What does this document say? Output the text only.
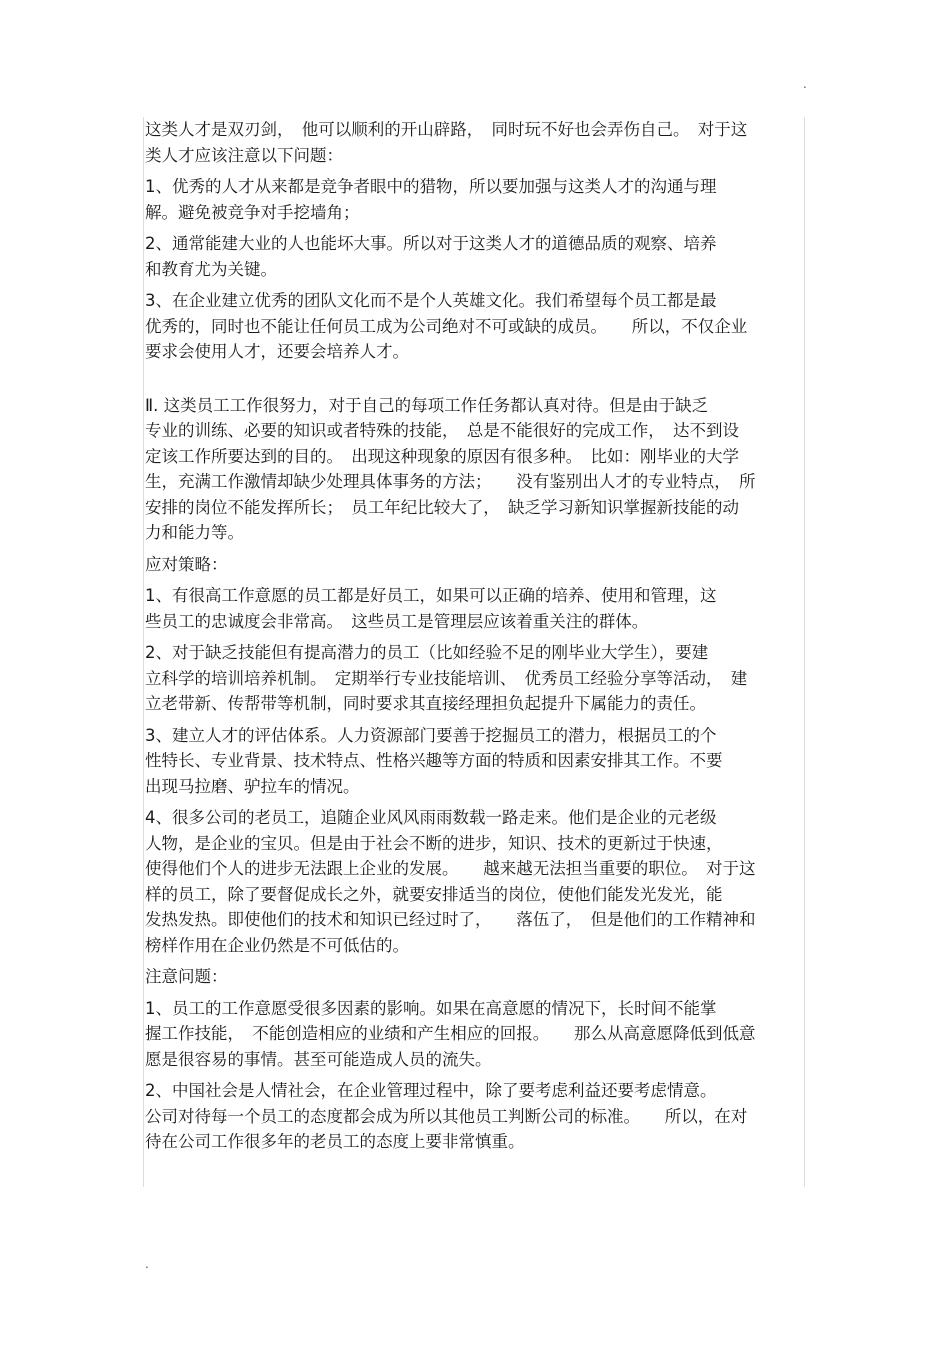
.

这类人才是双刃剑，　他可以顺利的开山辟路，　同时玩不好也会弄伤自己。　对于这
类人才应该注意以下问题：

1、优秀的人才从来都是竞争者眼中的猎物，所以要加强与这类人才的沟通与理
解。避免被竞争对手挖墙角；

2、通常能建大业的人也能坏大事。所以对于这类人才的道德品质的观察、培养
和教育尤为关键。

3、在企业建立优秀的团队文化而不是个人英雄文化。我们希望每个员工都是最
优秀的，同时也不能让任何员工成为公司绝对不可或缺的成员。　　所以，不仅企业
要求会使用人才，还要会培养人才。

Ⅱ. 这类员工工作很努力，对于自己的每项工作任务都认真对待。但是由于缺乏
专业的训练、必要的知识或者特殊的技能，　总是不能很好的完成工作，　达不到设
定该工作所要达到的目的。　出现这种现象的原因有很多种。　比如：刚毕业的大学
生，充满工作激情却缺少处理具体事务的方法；　　没有鉴别出人才的专业特点，　所
安排的岗位不能发挥所长；　员工年纪比较大了，　缺乏学习新知识掌握新技能的动
力和能力等。

应对策略：

1、有很高工作意愿的员工都是好员工，如果可以正确的培养、使用和管理，这
些员工的忠诚度会非常高。　这些员工是管理层应该着重关注的群体。

2、对于缺乏技能但有提高潜力的员工（比如经验不足的刚毕业大学生），要建
立科学的培训培养机制。　定期举行专业技能培训、　优秀员工经验分享等活动，　建
立老带新、传帮带等机制，同时要求其直接经理担负起提升下属能力的责任。

3、建立人才的评估体系。人力资源部门要善于挖掘员工的潜力，根据员工的个
性特长、专业背景、技术特点、性格兴趣等方面的特质和因素安排其工作。不要
出现马拉磨、驴拉车的情况。

4、很多公司的老员工，追随企业风风雨雨数载一路走来。他们是企业的元老级
人物，是企业的宝贝。但是由于社会不断的进步，知识、技术的更新过于快速，
使得他们个人的进步无法跟上企业的发展。　　越来越无法担当重要的职位。　对于这
样的员工，除了要督促成长之外，就要安排适当的岗位，使他们能发光发光，能
发热发热。即使他们的技术和知识已经过时了，　　落伍了，　但是他们的工作精神和
榜样作用在企业仍然是不可低估的。

注意问题：

1、员工的工作意愿受很多因素的影响。如果在高意愿的情况下，长时间不能掌
握工作技能，　不能创造相应的业绩和产生相应的回报。　　那么从高意愿降低到低意
愿是很容易的事情。甚至可能造成人员的流失。

2、中国社会是人情社会，在企业管理过程中，除了要考虑利益还要考虑情意。
公司对待每一个员工的态度都会成为所以其他员工判断公司的标准。　　所以，在对
待在公司工作很多年的老员工的态度上要非常慎重。

.
